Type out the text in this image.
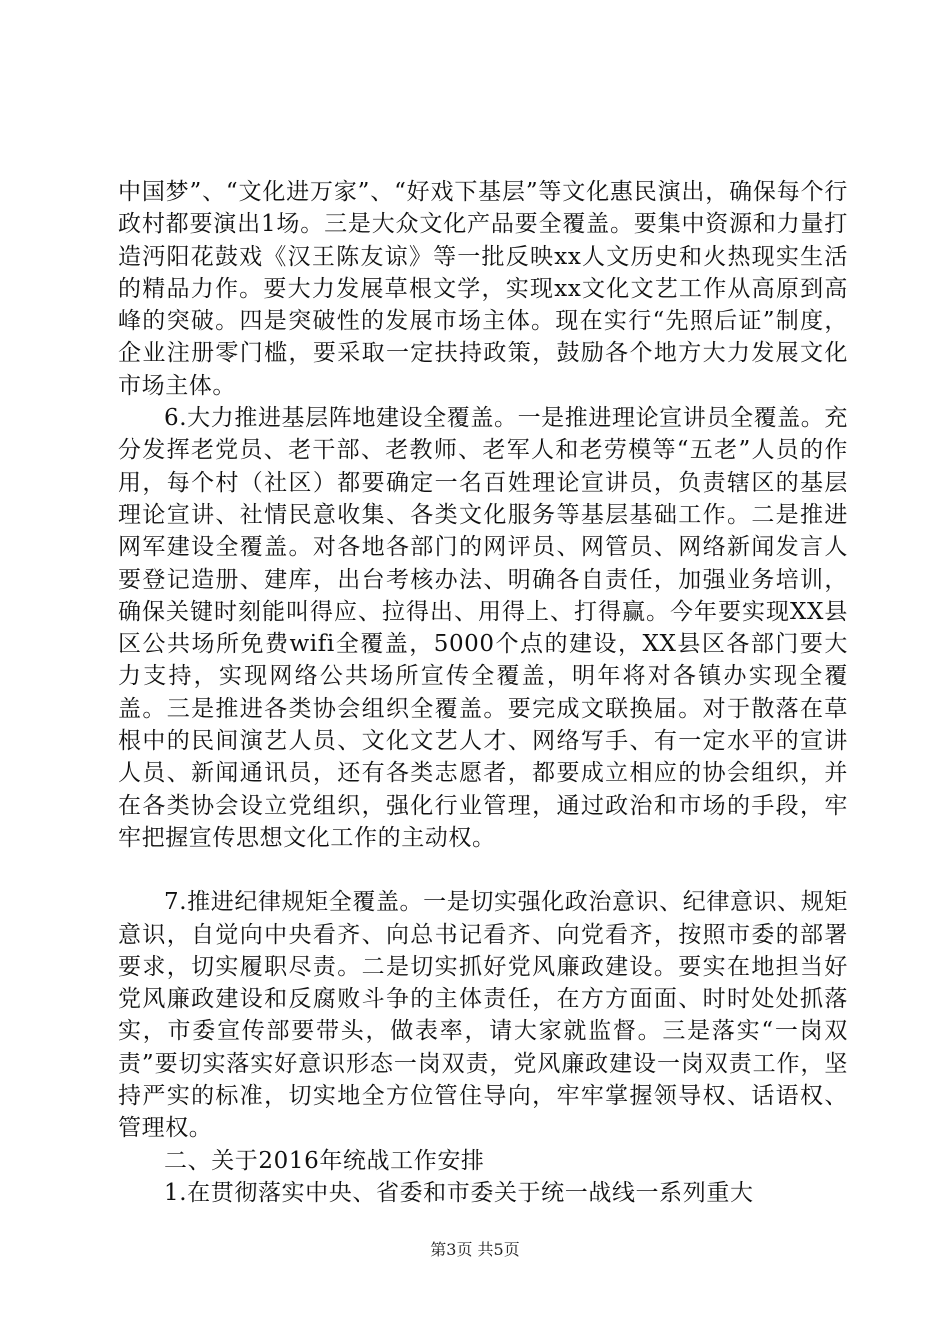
中国梦”、“文化进万家”、“好戏下基层”等文化惠民演出，确保每个行政村都要演出1场。三是大众文化产品要全覆盖。要集中资源和力量打造沔阳花鼓戏《汉王陈友谅》等一批反映xx人文历史和火热现实生活的精品力作。要大力发展草根文学，实现xx文化文艺工作从高原到高峰的突破。四是突破性的发展市场主体。现在实行“先照后证”制度，企业注册零门槛，要采取一定扶持政策，鼓励各个地方大力发展文化市场主体。

6.大力推进基层阵地建设全覆盖。一是推进理论宣讲员全覆盖。充分发挥老党员、老干部、老教师、老军人和老劳模等“五老”人员的作用，每个村（社区）都要确定一名百姓理论宣讲员，负责辖区的基层理论宣讲、社情民意收集、各类文化服务等基层基础工作。二是推进网军建设全覆盖。对各地各部门的网评员、网管员、网络新闻发言人要登记造册、建库，出台考核办法、明确各自责任，加强业务培训，确保关键时刻能叫得应、拉得出、用得上、打得赢。今年要实现XX县区公共场所免费wifi全覆盖，5000个点的建设，XX县区各部门要大力支持，实现网络公共场所宣传全覆盖，明年将对各镇办实现全覆盖。三是推进各类协会组织全覆盖。要完成文联换届。对于散落在草根中的民间演艺人员、文化文艺人才、网络写手、有一定水平的宣讲人员、新闻通讯员，还有各类志愿者，都要成立相应的协会组织，并在各类协会设立党组织，强化行业管理，通过政治和市场的手段，牢牢把握宣传思想文化工作的主动权。

7.推进纪律规矩全覆盖。一是切实强化政治意识、纪律意识、规矩意识，自觉向中央看齐、向总书记看齐、向党看齐，按照市委的部署要求，切实履职尽责。二是切实抓好党风廉政建设。要实在地担当好党风廉政建设和反腐败斗争的主体责任，在方方面面、时时处处抓落实，市委宣传部要带头，做表率，请大家就监督。三是落实“一岗双责”要切实落实好意识形态一岗双责，党风廉政建设一岗双责工作，坚持严实的标准，切实地全方位管住导向，牢牢掌握领导权、话语权、管理权。

二、关于2016年统战工作安排

1.在贯彻落实中央、省委和市委关于统一战线一系列重大

第3页 共5页
